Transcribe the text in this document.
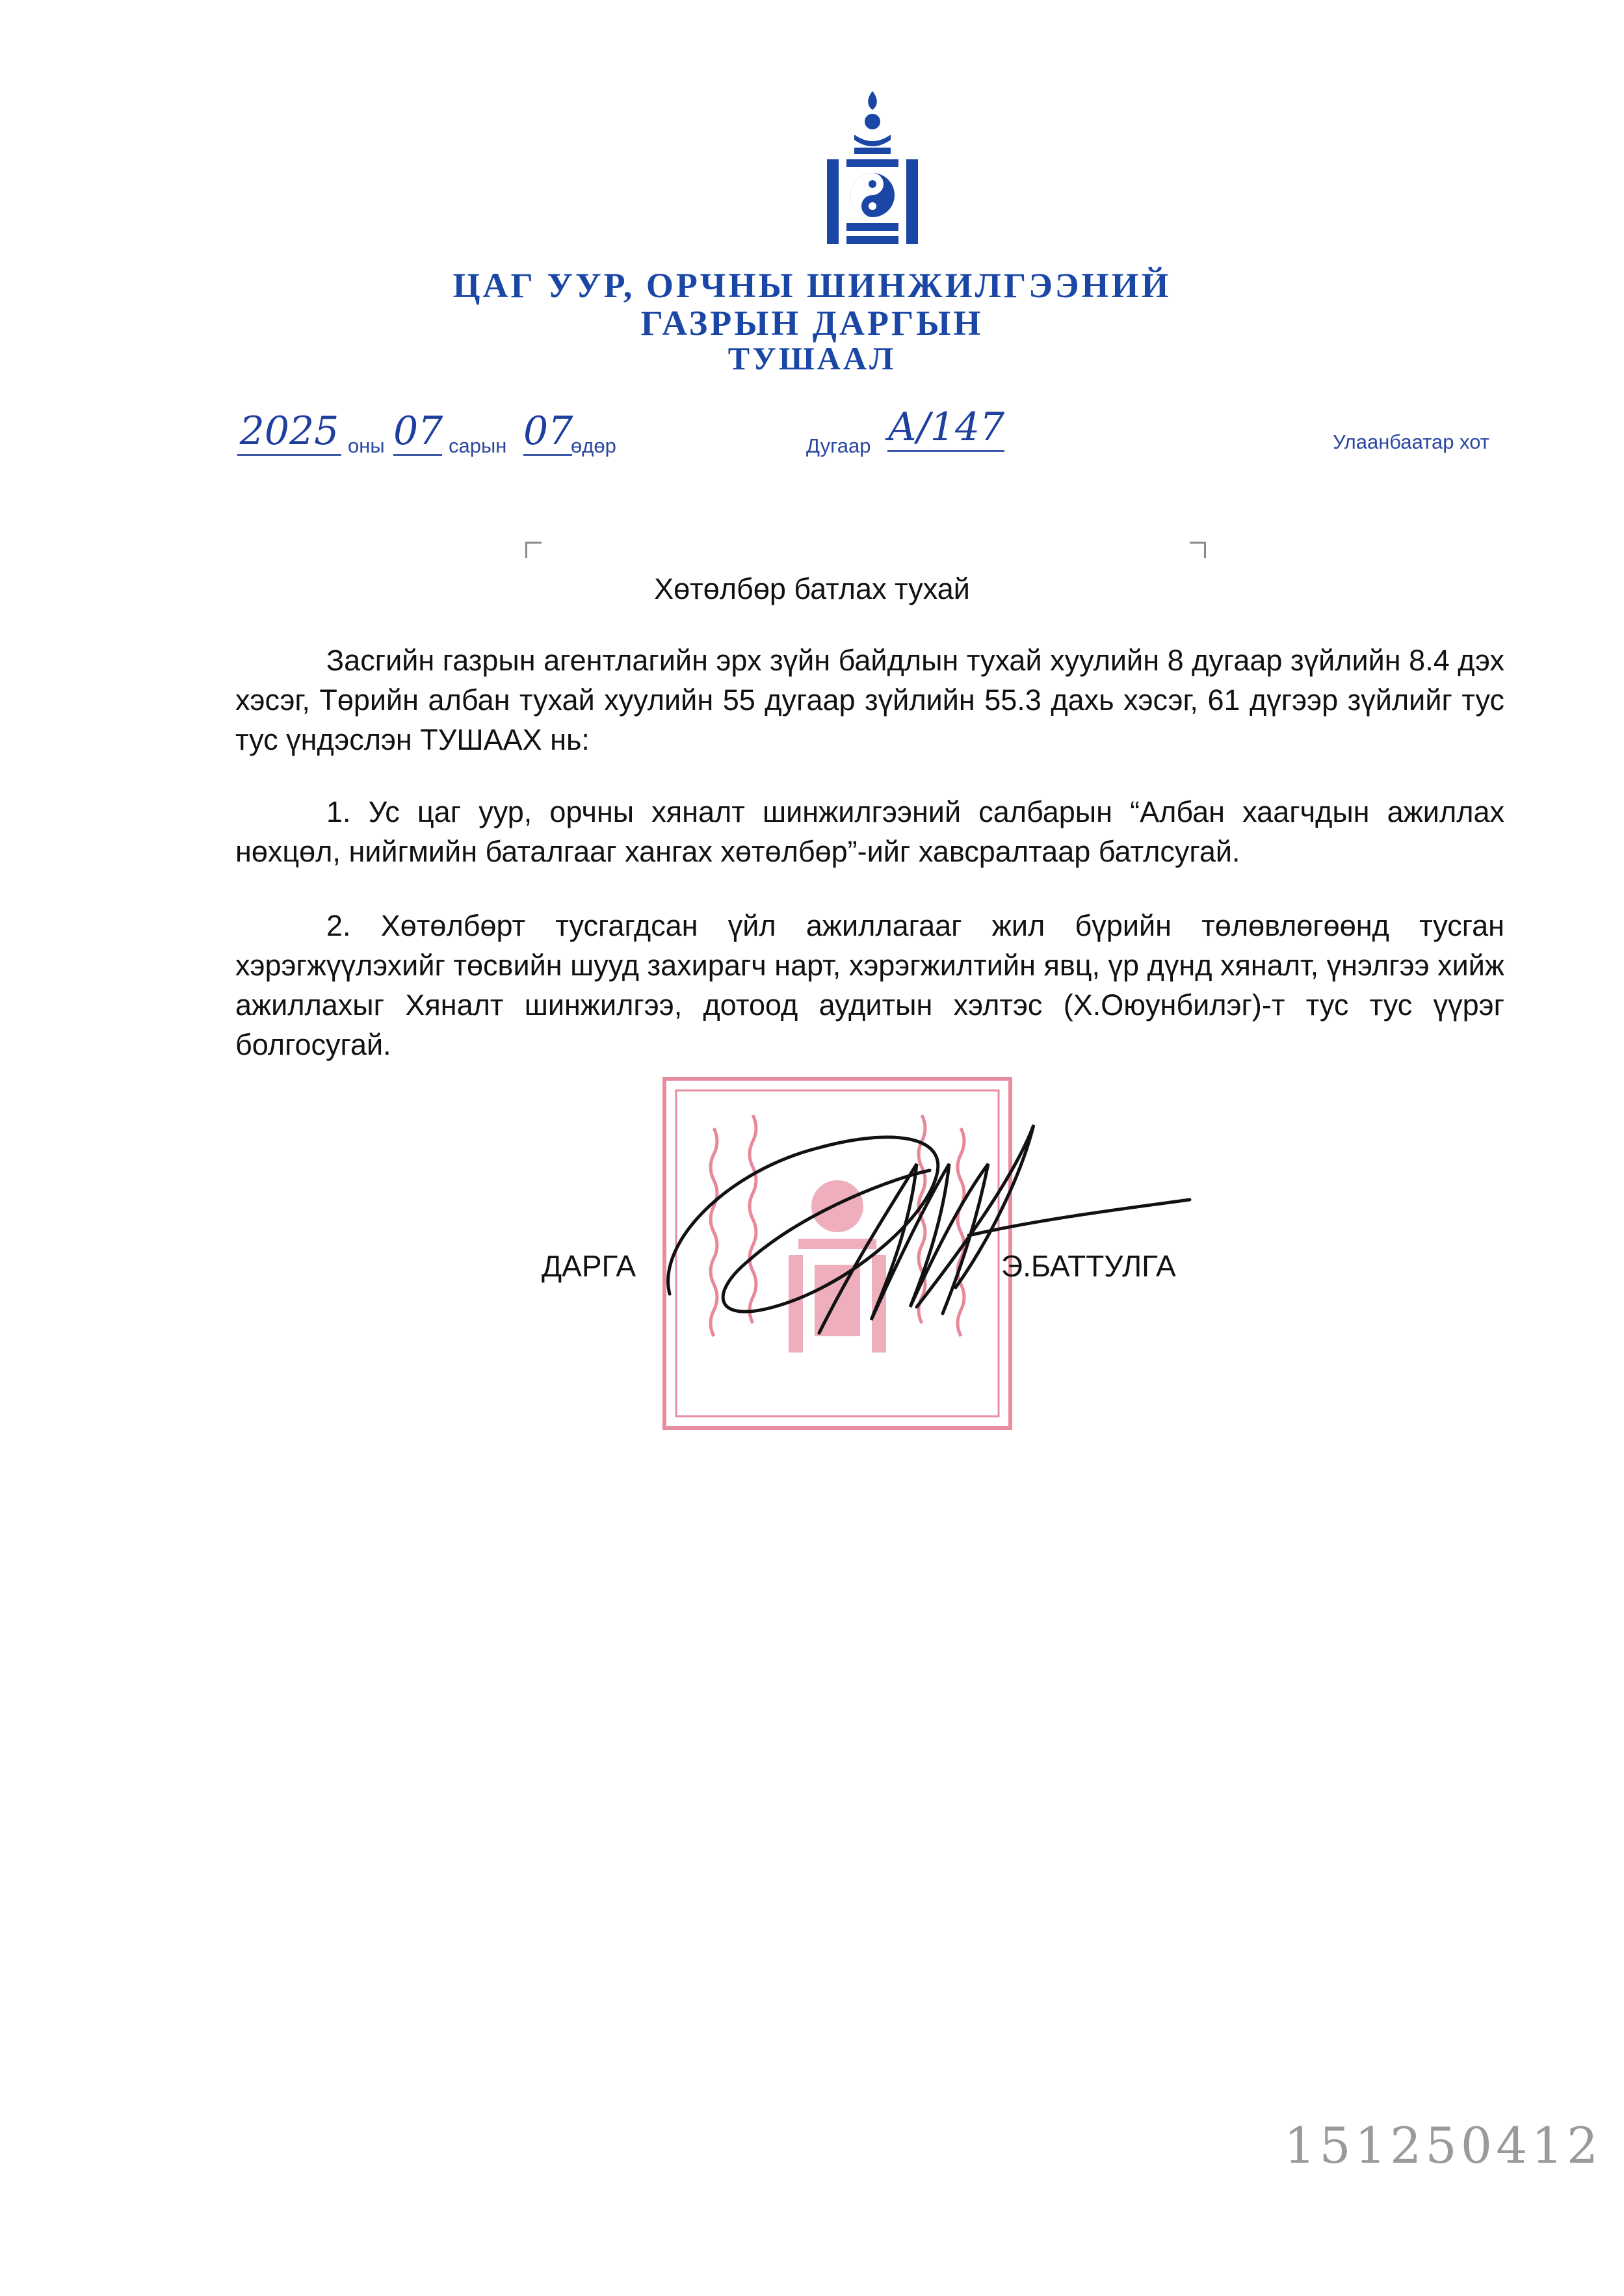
ЦАГ УУР, ОРЧНЫ ШИНЖИЛГЭЭНИЙ
ГАЗРЫН ДАРГЫН
ТУШААЛ
2025 оны 07 сарын 07
өдөр	Дугаар А/147	Улаанбаатар хот
Хөтөлбөр батлах тухай
Засгийн газрын агентлагийн эрх зүйн байдлын тухай хуулийн 8 дугаар зүйлийн 8.4 дэх хэсэг, Төрийн албан тухай хуулийн 55 дугаар зүйлийн 55.3 дахь хэсэг, 61 дүгээр зүйлийг тус тус үндэслэн ТУШААХ нь:
1. Ус цаг уур, орчны хяналт шинжилгээний салбарын “Албан хаагчдын ажиллах нөхцөл, нийгмийн баталгааг хангах хөтөлбөр”-ийг хавсралтаар батлсугай.
2. Хөтөлбөрт тусгагдсан үйл ажиллагааг жил бүрийн төлөвлөгөөнд тусган хэрэгжүүлэхийг төсвийн шууд захирагч нарт, хэрэгжилтийн явц, үр дүнд хяналт, үнэлгээ хийж ажиллахыг Хяналт шинжилгээ, дотоод аудитын хэлтэс (Х.Оюунбилэг)-т тус тус үүрэг болгосугай.
ДАРГА	Э.БАТТУЛГА
151250412
